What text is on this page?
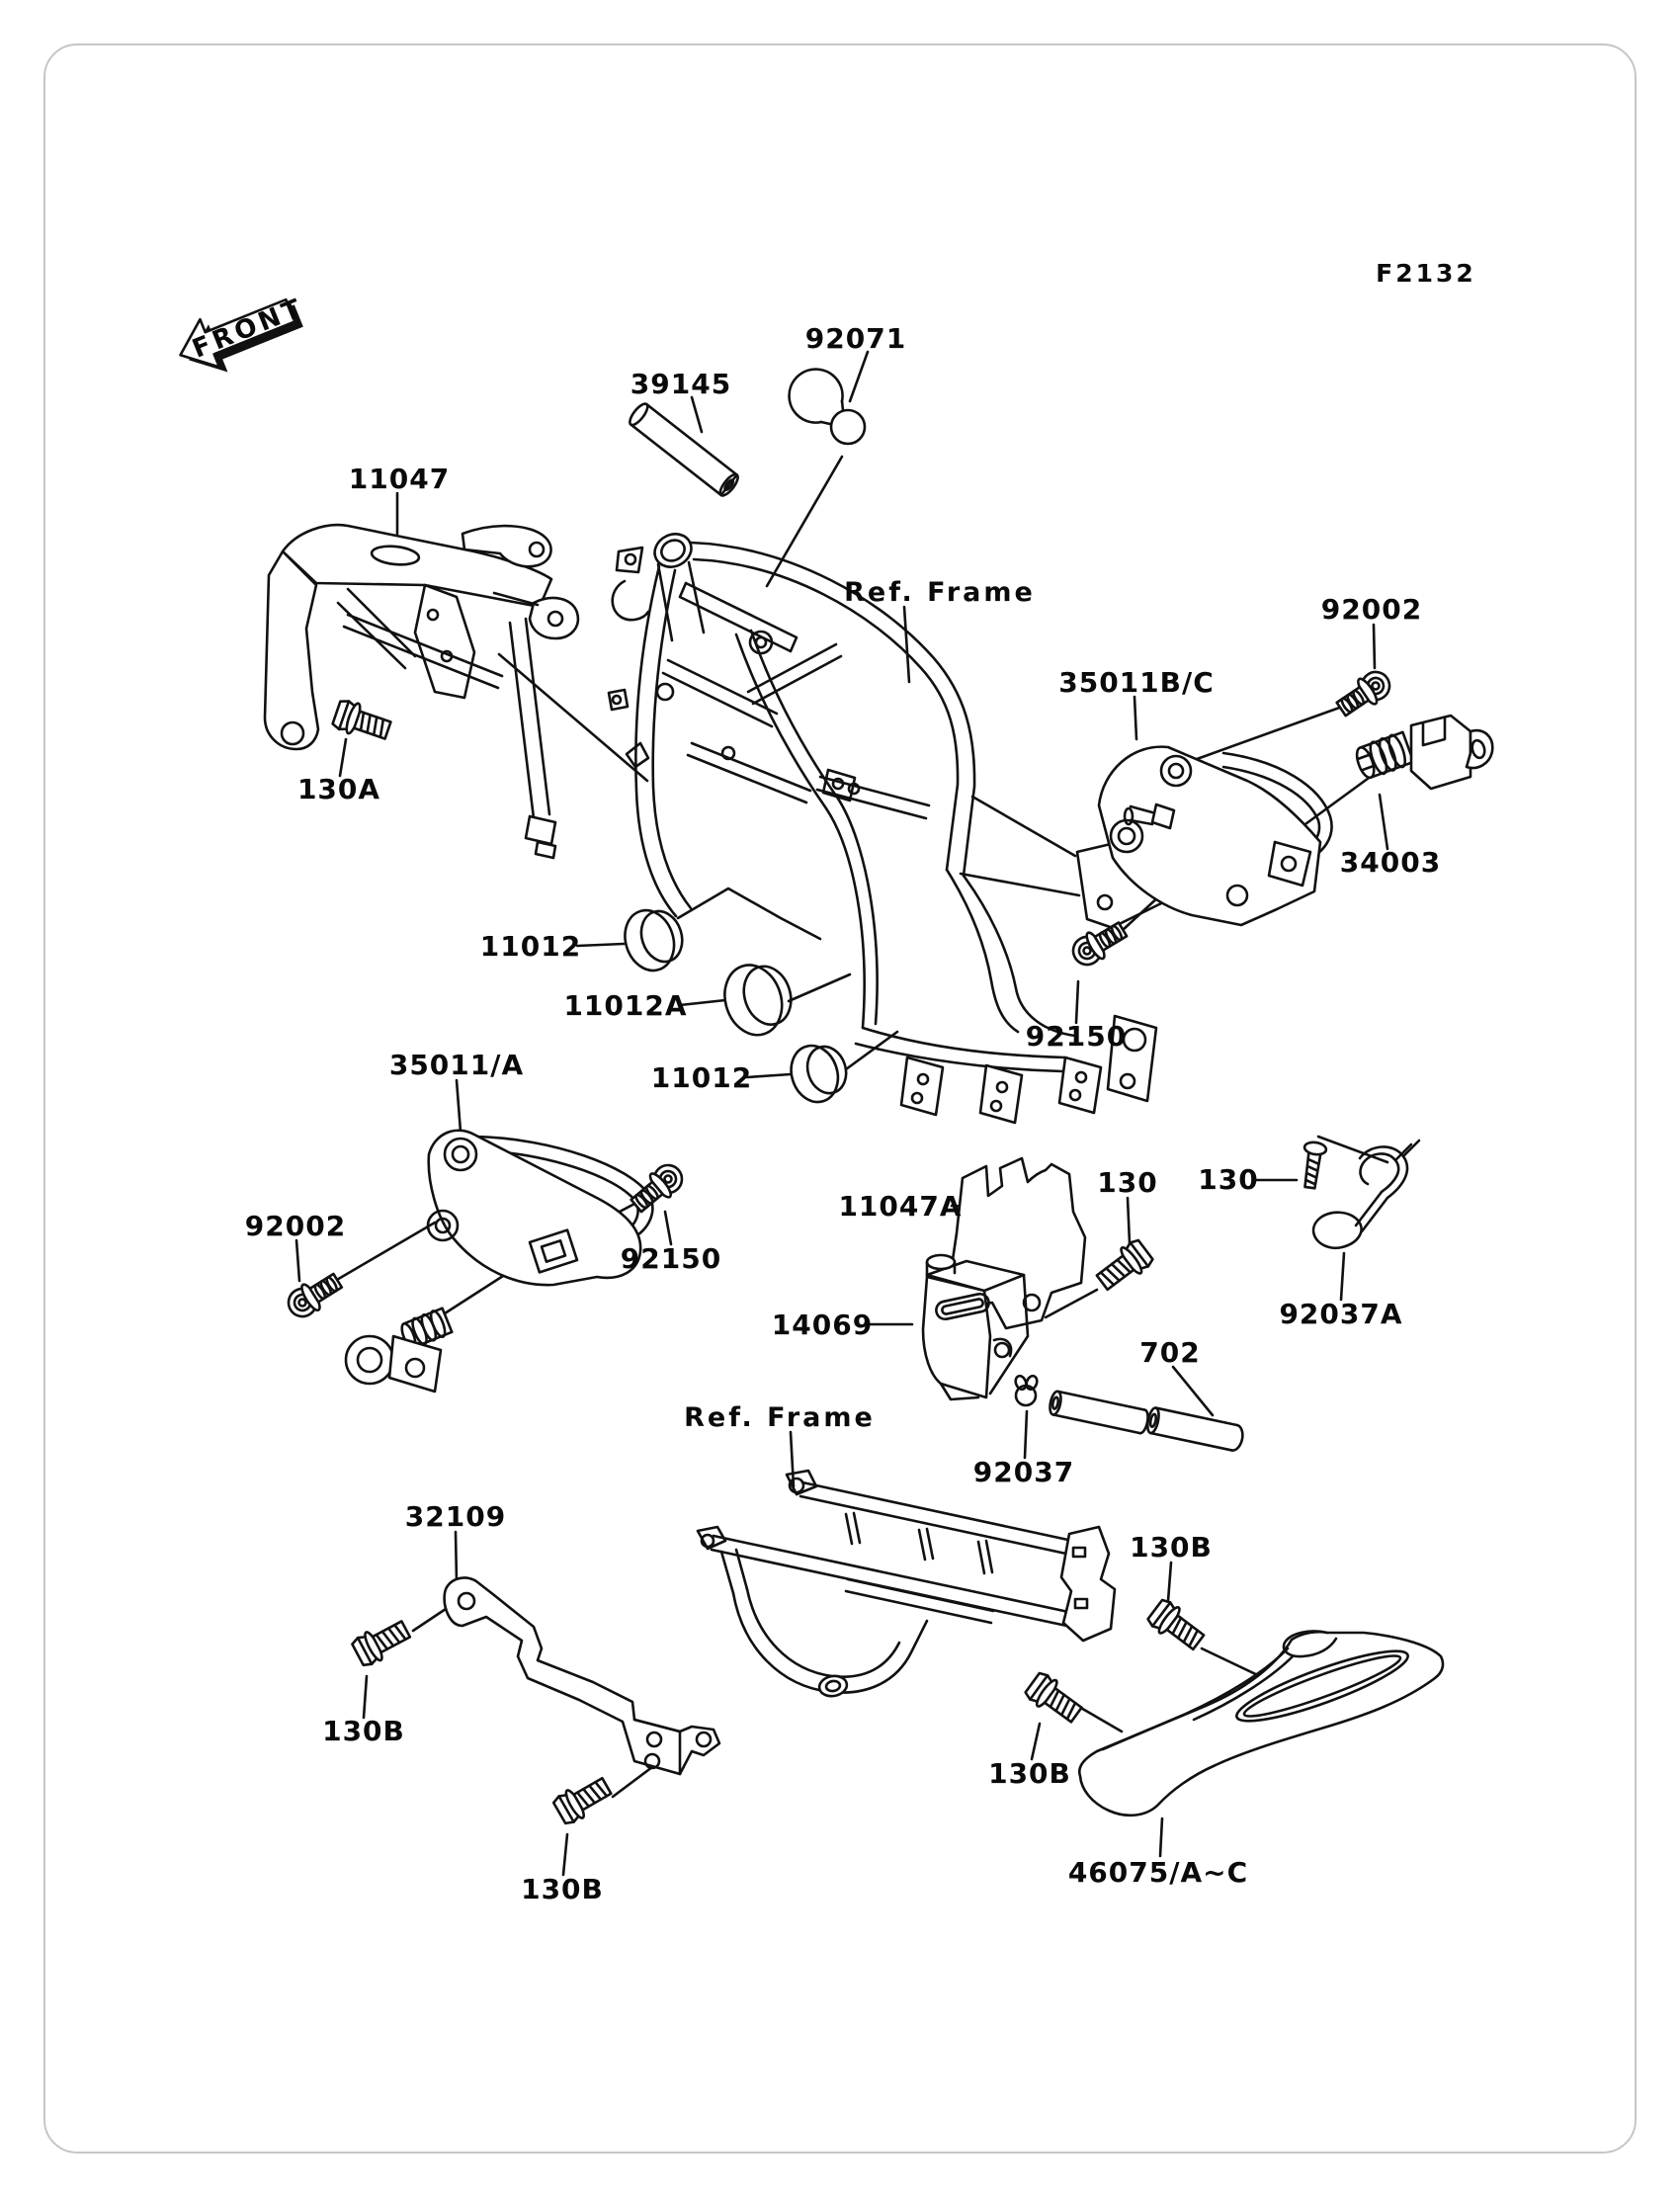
FRONT
F2132
92071
39145
11047
Ref. Frame
92002
35011B/C
130A
34003
11012
11012A
92150
11012
35011/A
92002
92150
11047A
130 130
92037A
14069
702
Ref. Frame
92037
32109
130B
130B
130B
130B
46075/A~C
